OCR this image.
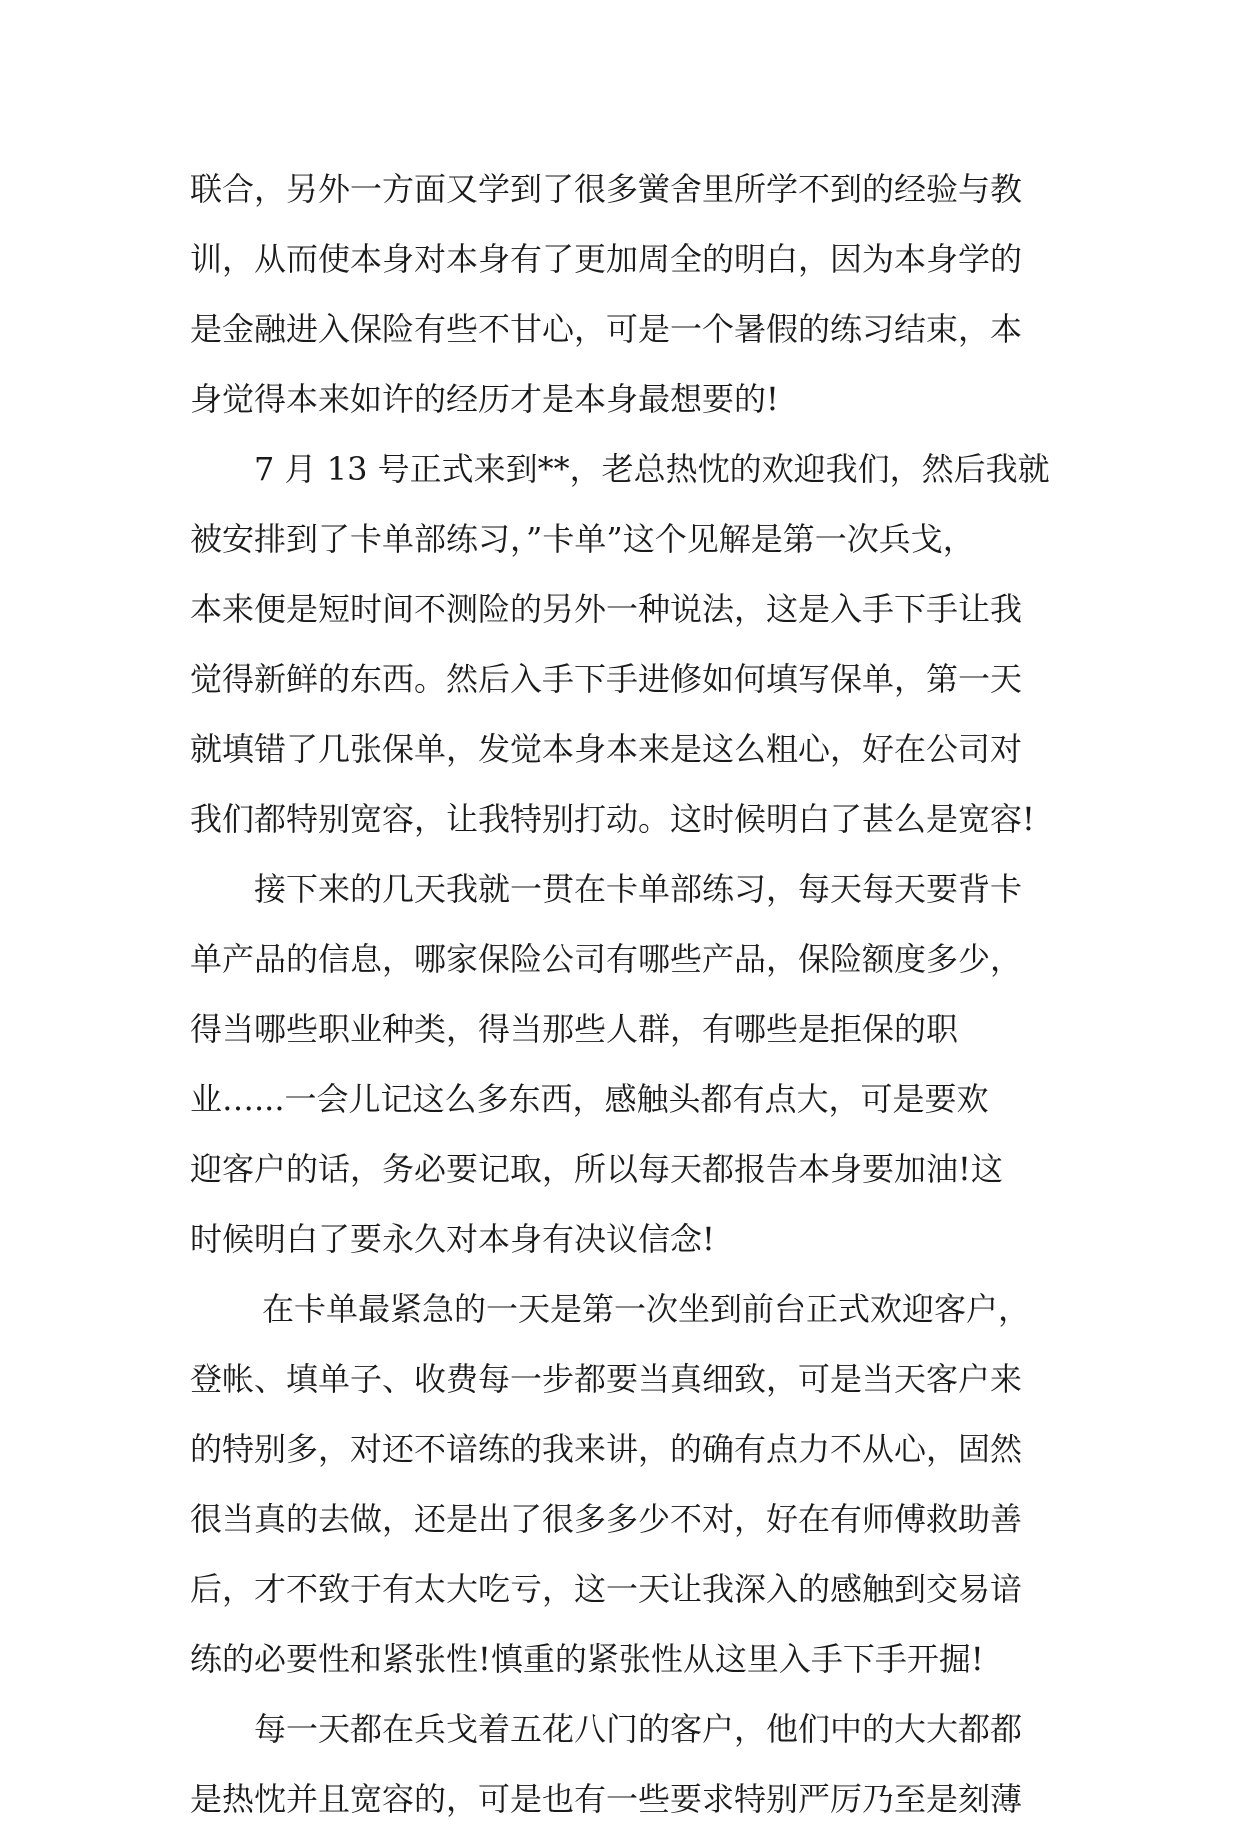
联合，另外一方面又学到了很多黉舍里所学不到的经验与教
训，从而使本身对本身有了更加周全的明白，因为本身学的
是金融进入保险有些不甘心，可是一个暑假的练习结束，本
身觉得本来如许的经历才是本身最想要的!
7 月 13 号正式来到**，老总热忱的欢迎我们，然后我就
被安排到了卡单部练习，”卡单”这个见解是第一次兵戈，
本来便是短时间不测险的另外一种说法，这是入手下手让我
觉得新鲜的东西。然后入手下手进修如何填写保单，第一天
就填错了几张保单，发觉本身本来是这么粗心，好在公司对
我们都特别宽容，让我特别打动。这时候明白了甚么是宽容!
接下来的几天我就一贯在卡单部练习，每天每天要背卡
单产品的信息，哪家保险公司有哪些产品，保险额度多少，
得当哪些职业种类，得当那些人群，有哪些是拒保的职
业…...一会儿记这么多东西，感触头都有点大，可是要欢
迎客户的话，务必要记取，所以每天都报告本身要加油!这
时候明白了要永久对本身有决议信念!
在卡单最紧急的一天是第一次坐到前台正式欢迎客户，
登帐、填单子、收费每一步都要当真细致，可是当天客户来
的特别多，对还不谙练的我来讲，的确有点力不从心，固然
很当真的去做，还是出了很多多少不对，好在有师傅救助善
后，才不致于有太大吃亏，这一天让我深入的感触到交易谙
练的必要性和紧张性!慎重的紧张性从这里入手下手开掘!
每一天都在兵戈着五花八门的客户，他们中的大大都都
是热忱并且宽容的，可是也有一些要求特别严厉乃至是刻薄
